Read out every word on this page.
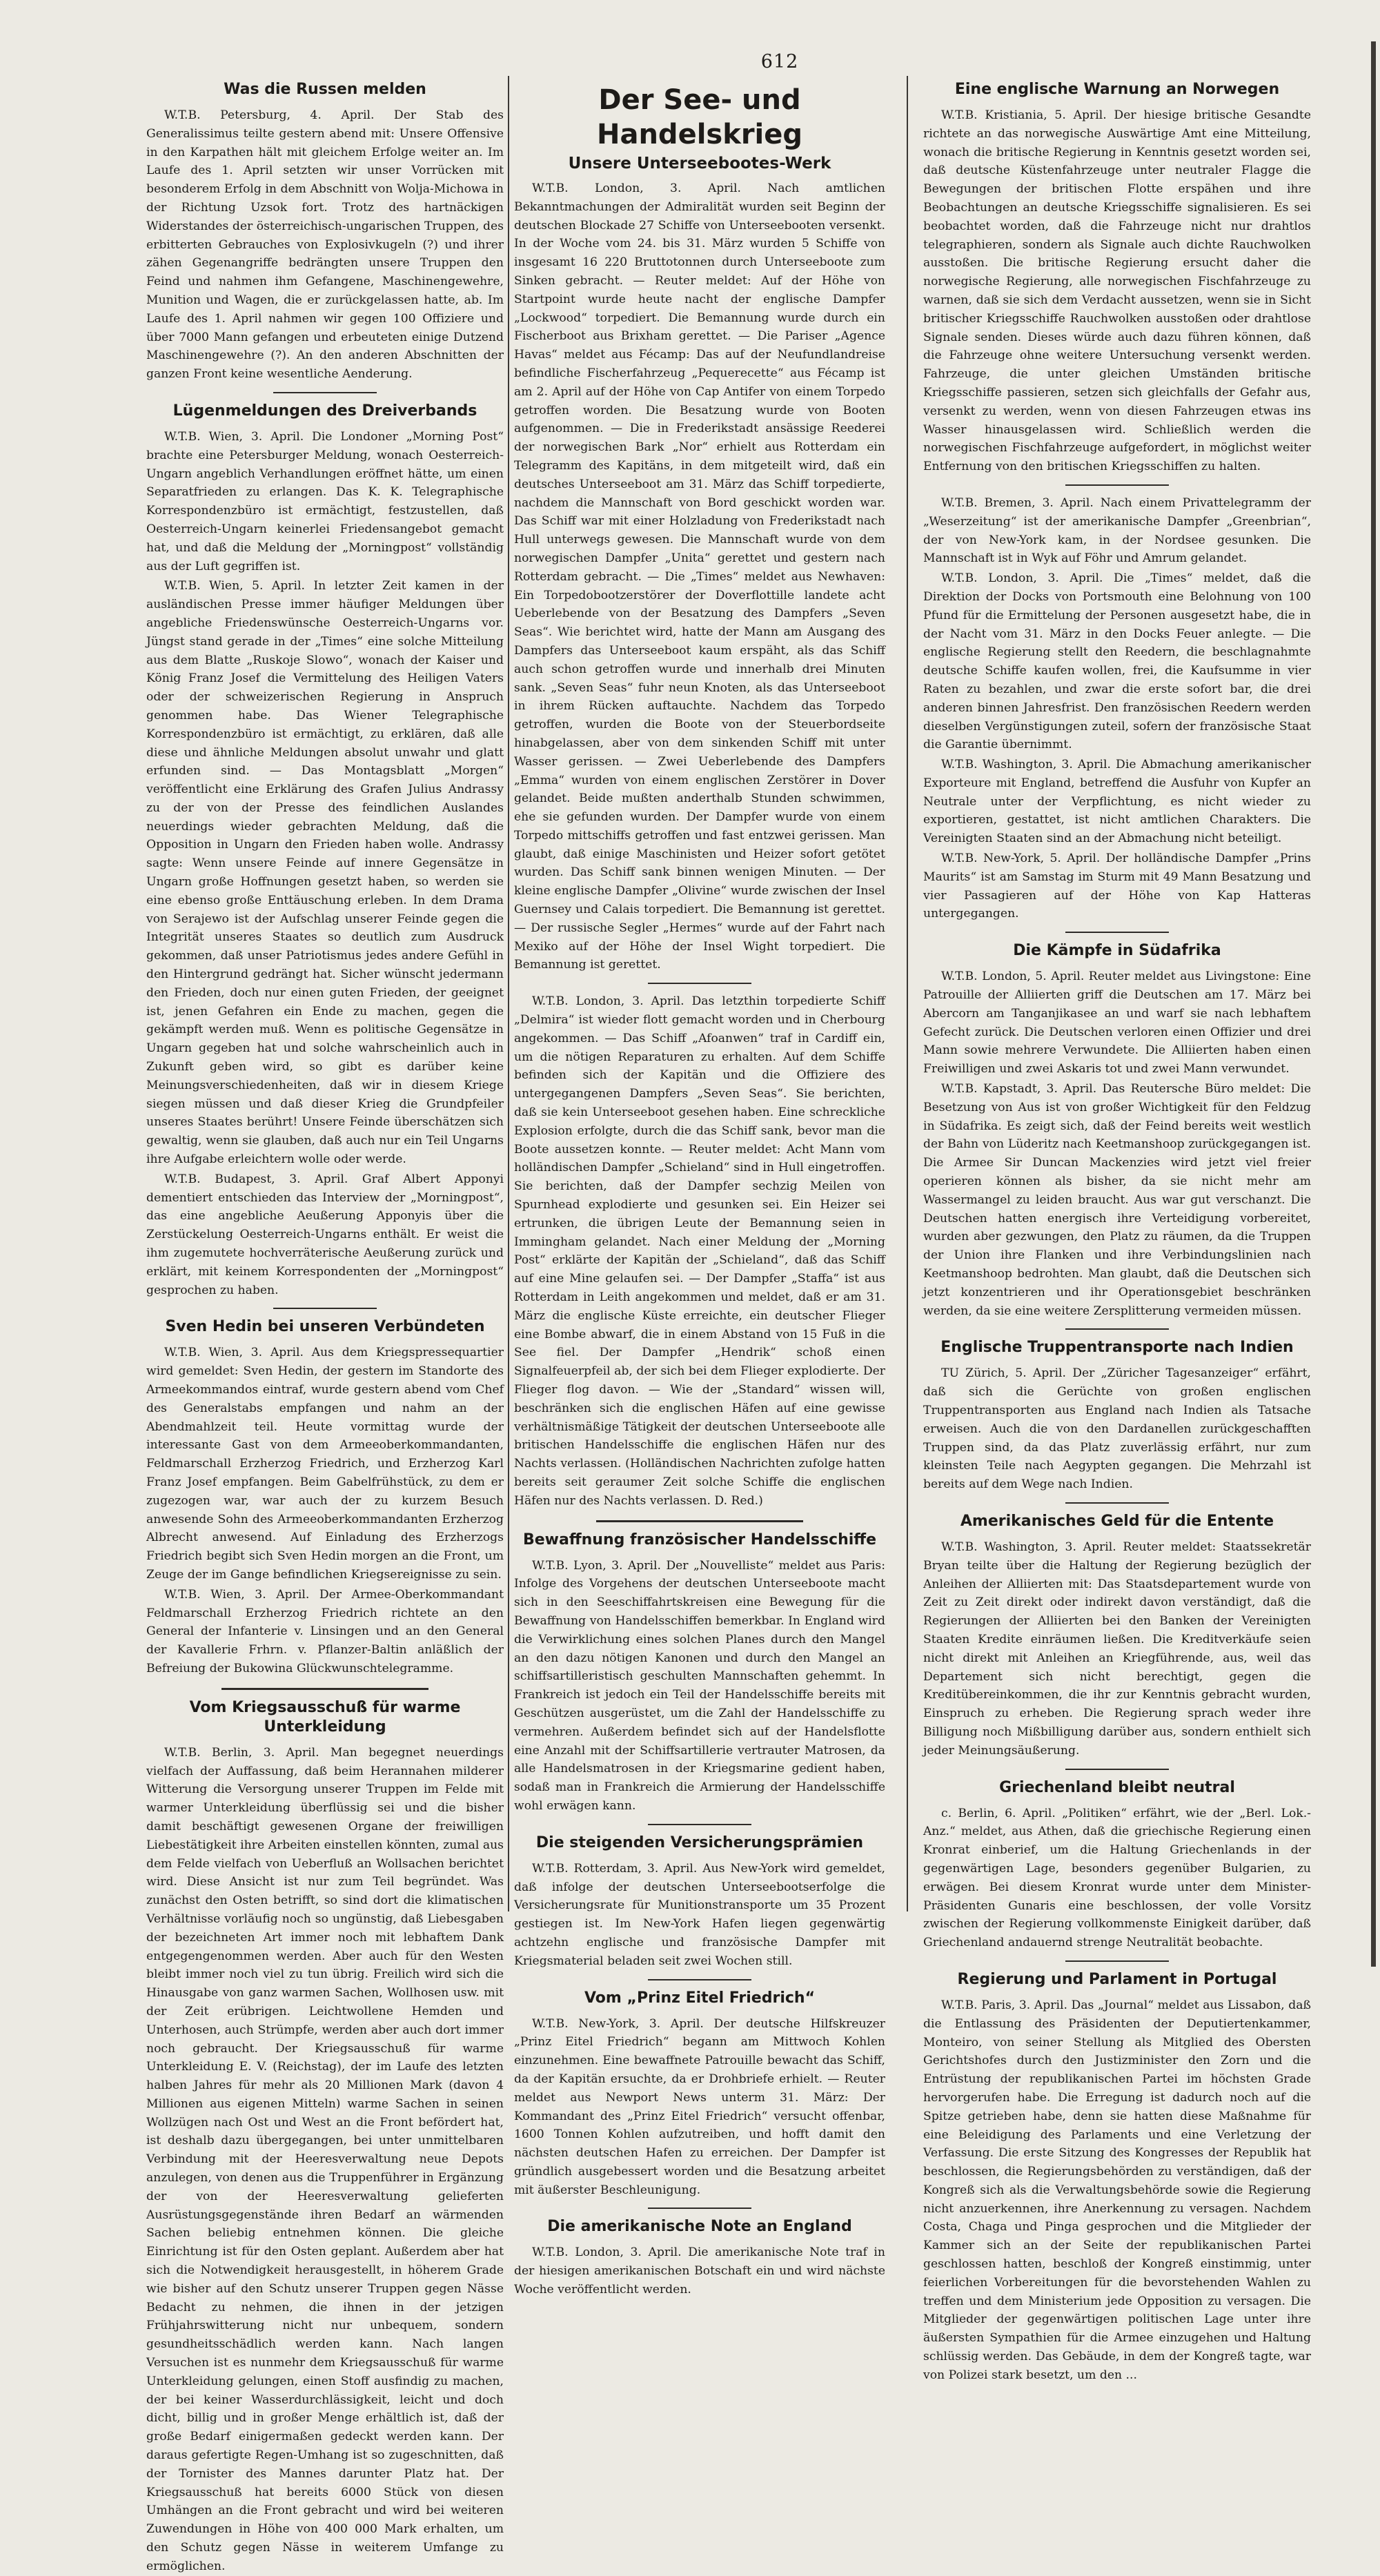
612
Was die Russen melden

W.T.B. Petersburg, 4. April. Der Stab des Generalissimus teilte gestern abend mit: Unsere Offensive in den Karpathen hält mit gleichem Erfolge weiter an. Im Laufe des 1. April setzten wir unser Vorrücken mit besonderem Erfolg in dem Abschnitt von Wolja-Michowa in der Richtung Uzsok fort. Trotz des hartnäckigen Widerstandes der österreichisch-ungarischen Truppen, des erbitterten Gebrauches von Explosivkugeln (?) und ihrer zähen Gegenangriffe bedrängten unsere Truppen den Feind und nahmen ihm Gefangene, Maschinengewehre, Munition und Wagen, die er zurückgelassen hatte, ab. Im Laufe des 1. April nahmen wir gegen 100 Offiziere und über 7000 Mann gefangen und erbeuteten einige Dutzend Maschinengewehre (?). An den anderen Abschnitten der ganzen Front keine wesentliche Aenderung.

Lügenmeldungen des Dreiverbands

W.T.B. Wien, 3. April. Die Londoner „Morning Post“ brachte eine Petersburger Meldung, wonach Oesterreich-Ungarn angeblich Verhandlungen eröffnet hätte, um einen Separatfrieden zu erlangen. Das K. K. Telegraphische Korrespondenzbüro ist ermächtigt, festzustellen, daß Oesterreich-Ungarn keinerlei Friedensangebot gemacht hat, und daß die Meldung der „Morningpost“ vollständig aus der Luft gegriffen ist.

W.T.B. Wien, 5. April. In letzter Zeit kamen in der ausländischen Presse immer häufiger Meldungen über angebliche Friedenswünsche Oesterreich-Ungarns vor. Jüngst stand gerade in der „Times“ eine solche Mitteilung aus dem Blatte „Ruskoje Slowo“, wonach der Kaiser und König Franz Josef die Vermittelung des Heiligen Vaters oder der schweizerischen Regierung in Anspruch genommen habe. Das Wiener Telegraphische Korrespondenzbüro ist ermächtigt, zu erklären, daß alle diese und ähnliche Meldungen absolut unwahr und glatt erfunden sind. — Das Montagsblatt „Morgen“ veröffentlicht eine Erklärung des Grafen Julius Andrassy zu der von der Presse des feindlichen Auslandes neuerdings wieder gebrachten Meldung, daß die Opposition in Ungarn den Frieden haben wolle. Andrassy sagte: Wenn unsere Feinde auf innere Gegensätze in Ungarn große Hoffnungen gesetzt haben, so werden sie eine ebenso große Enttäuschung erleben. In dem Drama von Serajewo ist der Aufschlag unserer Feinde gegen die Integrität unseres Staates so deutlich zum Ausdruck gekommen, daß unser Patriotismus jedes andere Gefühl in den Hintergrund gedrängt hat. Sicher wünscht jedermann den Frieden, doch nur einen guten Frieden, der geeignet ist, jenen Gefahren ein Ende zu machen, gegen die gekämpft werden muß. Wenn es politische Gegensätze in Ungarn gegeben hat und solche wahrscheinlich auch in Zukunft geben wird, so gibt es darüber keine Meinungsverschiedenheiten, daß wir in diesem Kriege siegen müssen und daß dieser Krieg die Grundpfeiler unseres Staates berührt! Unsere Feinde überschätzen sich gewaltig, wenn sie glauben, daß auch nur ein Teil Ungarns ihre Aufgabe erleichtern wolle oder werde.

W.T.B. Budapest, 3. April. Graf Albert Apponyi dementiert entschieden das Interview der „Morningpost“, das eine angebliche Aeußerung Apponyis über die Zerstückelung Oesterreich-Ungarns enthält. Er weist die ihm zugemutete hochverräterische Aeußerung zurück und erklärt, mit keinem Korrespondenten der „Morningpost“ gesprochen zu haben.

Sven Hedin bei unseren Verbündeten

W.T.B. Wien, 3. April. Aus dem Kriegspressequartier wird gemeldet: Sven Hedin, der gestern im Standorte des Armeekommandos eintraf, wurde gestern abend vom Chef des Generalstabs empfangen und nahm an der Abendmahlzeit teil. Heute vormittag wurde der interessante Gast von dem Armeeoberkommandanten, Feldmarschall Erzherzog Friedrich, und Erzherzog Karl Franz Josef empfangen. Beim Gabelfrühstück, zu dem er zugezogen war, war auch der zu kurzem Besuch anwesende Sohn des Armeeoberkommandanten Erzherzog Albrecht anwesend. Auf Einladung des Erzherzogs Friedrich begibt sich Sven Hedin morgen an die Front, um Zeuge der im Gange befindlichen Kriegsereignisse zu sein.

W.T.B. Wien, 3. April. Der Armee-Oberkommandant Feldmarschall Erzherzog Friedrich richtete an den General der Infanterie v. Linsingen und an den General der Kavallerie Frhrn. v. Pflanzer-Baltin anläßlich der Befreiung der Bukowina Glückwunschtelegramme.

Vom Kriegsausschuß für warme Unterkleidung

W.T.B. Berlin, 3. April. Man begegnet neuerdings vielfach der Auffassung, daß beim Herannahen milderer Witterung die Versorgung unserer Truppen im Felde mit warmer Unterkleidung überflüssig sei und die bisher damit beschäftigt gewesenen Organe der freiwilligen Liebestätigkeit ihre Arbeiten einstellen könnten, zumal aus dem Felde vielfach von Ueberfluß an Wollsachen berichtet wird. Diese Ansicht ist nur zum Teil begründet. Was zunächst den Osten betrifft, so sind dort die klimatischen Verhältnisse vorläufig noch so ungünstig, daß Liebesgaben der bezeichneten Art immer noch mit lebhaftem Dank entgegengenommen werden. Aber auch für den Westen bleibt immer noch viel zu tun übrig. Freilich wird sich die Hinausgabe von ganz warmen Sachen, Wollhosen usw. mit der Zeit erübrigen. Leichtwollene Hemden und Unterhosen, auch Strümpfe, werden aber auch dort immer noch gebraucht. Der Kriegsausschuß für warme Unterkleidung E. V. (Reichstag), der im Laufe des letzten halben Jahres für mehr als 20 Millionen Mark (davon 4 Millionen aus eigenen Mitteln) warme Sachen in seinen Wollzügen nach Ost und West an die Front befördert hat, ist deshalb dazu übergegangen, bei unter unmittelbaren Verbindung mit der Heeresverwaltung neue Depots anzulegen, von denen aus die Truppenführer in Ergänzung der von der Heeresverwaltung gelieferten Ausrüstungsgegenstände ihren Bedarf an wärmenden Sachen beliebig entnehmen können. Die gleiche Einrichtung ist für den Osten geplant. Außerdem aber hat sich die Notwendigkeit herausgestellt, in höherem Grade wie bisher auf den Schutz unserer Truppen gegen Nässe Bedacht zu nehmen, die ihnen in der jetzigen Frühjahrswitterung nicht nur unbequem, sondern gesundheitsschädlich werden kann. Nach langen Versuchen ist es nunmehr dem Kriegsausschuß für warme Unterkleidung gelungen, einen Stoff ausfindig zu machen, der bei keiner Wasserdurchlässigkeit, leicht und doch dicht, billig und in großer Menge erhältlich ist, daß der große Bedarf einigermaßen gedeckt werden kann. Der daraus gefertigte Regen-Umhang ist so zugeschnitten, daß der Tornister des Mannes darunter Platz hat. Der Kriegsausschuß hat bereits 6000 Stück von diesen Umhängen an die Front gebracht und wird bei weiteren Zuwendungen in Höhe von 400 000 Mark erhalten, um den Schutz gegen Nässe in weiterem Umfange zu ermöglichen.

Der See- und Handelskrieg
Unsere Unterseebootes-Werk

W.T.B. London, 3. April. Nach amtlichen Bekanntmachungen der Admiralität wurden seit Beginn der deutschen Blockade 27 Schiffe von Unterseebooten versenkt. In der Woche vom 24. bis 31. März wurden 5 Schiffe von insgesamt 16 220 Bruttotonnen durch Unterseeboote zum Sinken gebracht. — Reuter meldet: Auf der Höhe von Startpoint wurde heute nacht der englische Dampfer „Lockwood“ torpediert. Die Bemannung wurde durch ein Fischerboot aus Brixham gerettet. — Die Pariser „Agence Havas“ meldet aus Fécamp: Das auf der Neufundlandreise befindliche Fischerfahrzeug „Pequerecette“ aus Fécamp ist am 2. April auf der Höhe von Cap Antifer von einem Torpedo getroffen worden. Die Besatzung wurde von Booten aufgenommen. — Die in Frederikstadt ansässige Reederei der norwegischen Bark „Nor“ erhielt aus Rotterdam ein Telegramm des Kapitäns, in dem mitgeteilt wird, daß ein deutsches Unterseeboot am 31. März das Schiff torpedierte, nachdem die Mannschaft von Bord geschickt worden war. Das Schiff war mit einer Holzladung von Frederikstadt nach Hull unterwegs gewesen. Die Mannschaft wurde von dem norwegischen Dampfer „Unita“ gerettet und gestern nach Rotterdam gebracht. — Die „Times“ meldet aus Newhaven: Ein Torpedobootzerstörer der Doverflottille landete acht Ueberlebende von der Besatzung des Dampfers „Seven Seas“. Wie berichtet wird, hatte der Mann am Ausgang des Dampfers das Unterseeboot kaum erspäht, als das Schiff auch schon getroffen wurde und innerhalb drei Minuten sank. „Seven Seas“ fuhr neun Knoten, als das Unterseeboot in ihrem Rücken auftauchte. Nachdem das Torpedo getroffen, wurden die Boote von der Steuerbordseite hinabgelassen, aber von dem sinkenden Schiff mit unter Wasser gerissen. — Zwei Ueberlebende des Dampfers „Emma“ wurden von einem englischen Zerstörer in Dover gelandet. Beide mußten anderthalb Stunden schwimmen, ehe sie gefunden wurden. Der Dampfer wurde von einem Torpedo mittschiffs getroffen und fast entzwei gerissen. Man glaubt, daß einige Maschinisten und Heizer sofort getötet wurden. Das Schiff sank binnen wenigen Minuten. — Der kleine englische Dampfer „Olivine“ wurde zwischen der Insel Guernsey und Calais torpediert. Die Bemannung ist gerettet. — Der russische Segler „Hermes“ wurde auf der Fahrt nach Mexiko auf der Höhe der Insel Wight torpediert. Die Bemannung ist gerettet.

W.T.B. London, 3. April. Das letzthin torpedierte Schiff „Delmira“ ist wieder flott gemacht worden und in Cherbourg angekommen. — Das Schiff „Afoanwen“ traf in Cardiff ein, um die nötigen Reparaturen zu erhalten. Auf dem Schiffe befinden sich der Kapitän und die Offiziere des untergegangenen Dampfers „Seven Seas“. Sie berichten, daß sie kein Unterseeboot gesehen haben. Eine schreckliche Explosion erfolgte, durch die das Schiff sank, bevor man die Boote aussetzen konnte. — Reuter meldet: Acht Mann vom holländischen Dampfer „Schieland“ sind in Hull eingetroffen. Sie berichten, daß der Dampfer sechzig Meilen von Spurnhead explodierte und gesunken sei. Ein Heizer sei ertrunken, die übrigen Leute der Bemannung seien in Immingham gelandet. Nach einer Meldung der „Morning Post“ erklärte der Kapitän der „Schieland“, daß das Schiff auf eine Mine gelaufen sei. — Der Dampfer „Staffa“ ist aus Rotterdam in Leith angekommen und meldet, daß er am 31. März die englische Küste erreichte, ein deutscher Flieger eine Bombe abwarf, die in einem Abstand von 15 Fuß in die See fiel. Der Dampfer „Hendrik“ schoß einen Signalfeuerpfeil ab, der sich bei dem Flieger explodierte. Der Flieger flog davon. — Wie der „Standard“ wissen will, beschränken sich die englischen Häfen auf eine gewisse verhältnismäßige Tätigkeit der deutschen Unterseeboote alle britischen Handelsschiffe die englischen Häfen nur des Nachts verlassen. (Holländischen Nachrichten zufolge hatten bereits seit geraumer Zeit solche Schiffe die englischen Häfen nur des Nachts verlassen. D. Red.)

Bewaffnung französischer Handelsschiffe

W.T.B. Lyon, 3. April. Der „Nouvelliste“ meldet aus Paris: Infolge des Vorgehens der deutschen Unterseeboote macht sich in den Seeschiffahrtskreisen eine Bewegung für die Bewaffnung von Handelsschiffen bemerkbar. In England wird die Verwirklichung eines solchen Planes durch den Mangel an den dazu nötigen Kanonen und durch den Mangel an schiffsartilleristisch geschulten Mannschaften gehemmt. In Frankreich ist jedoch ein Teil der Handelsschiffe bereits mit Geschützen ausgerüstet, um die Zahl der Handelsschiffe zu vermehren. Außerdem befindet sich auf der Handelsflotte eine Anzahl mit der Schiffsartillerie vertrauter Matrosen, da alle Handelsmatrosen in der Kriegsmarine gedient haben, sodaß man in Frankreich die Armierung der Handelsschiffe wohl erwägen kann.

Die steigenden Versicherungsprämien

W.T.B. Rotterdam, 3. April. Aus New-York wird gemeldet, daß infolge der deutschen Unterseebootserfolge die Versicherungsrate für Munitionstransporte um 35 Prozent gestiegen ist. Im New-York Hafen liegen gegenwärtig achtzehn englische und französische Dampfer mit Kriegsmaterial beladen seit zwei Wochen still.

Vom „Prinz Eitel Friedrich“

W.T.B. New-York, 3. April. Der deutsche Hilfskreuzer „Prinz Eitel Friedrich“ begann am Mittwoch Kohlen einzunehmen. Eine bewaffnete Patrouille bewacht das Schiff, da der Kapitän ersuchte, da er Drohbriefe erhielt. — Reuter meldet aus Newport News unterm 31. März: Der Kommandant des „Prinz Eitel Friedrich“ versucht offenbar, 1600 Tonnen Kohlen aufzutreiben, und hofft damit den nächsten deutschen Hafen zu erreichen. Der Dampfer ist gründlich ausgebessert worden und die Besatzung arbeitet mit äußerster Beschleunigung.

Die amerikanische Note an England

W.T.B. London, 3. April. Die amerikanische Note traf in der hiesigen amerikanischen Botschaft ein und wird nächste Woche veröffentlicht werden.

Eine englische Warnung an Norwegen

W.T.B. Kristiania, 5. April. Der hiesige britische Gesandte richtete an das norwegische Auswärtige Amt eine Mitteilung, wonach die britische Regierung in Kenntnis gesetzt worden sei, daß deutsche Küstenfahrzeuge unter neutraler Flagge die Bewegungen der britischen Flotte erspähen und ihre Beobachtungen an deutsche Kriegsschiffe signalisieren. Es sei beobachtet worden, daß die Fahrzeuge nicht nur drahtlos telegraphieren, sondern als Signale auch dichte Rauchwolken ausstoßen. Die britische Regierung ersucht daher die norwegische Regierung, alle norwegischen Fischfahrzeuge zu warnen, daß sie sich dem Verdacht aussetzen, wenn sie in Sicht britischer Kriegsschiffe Rauchwolken ausstoßen oder drahtlose Signale senden. Dieses würde auch dazu führen können, daß die Fahrzeuge ohne weitere Untersuchung versenkt werden. Fahrzeuge, die unter gleichen Umständen britische Kriegsschiffe passieren, setzen sich gleichfalls der Gefahr aus, versenkt zu werden, wenn von diesen Fahrzeugen etwas ins Wasser hinausgelassen wird. Schließlich werden die norwegischen Fischfahrzeuge aufgefordert, in möglichst weiter Entfernung von den britischen Kriegsschiffen zu halten.

W.T.B. Bremen, 3. April. Nach einem Privattelegramm der „Weserzeitung“ ist der amerikanische Dampfer „Greenbrian“, der von New-York kam, in der Nordsee gesunken. Die Mannschaft ist in Wyk auf Föhr und Amrum gelandet.

W.T.B. London, 3. April. Die „Times“ meldet, daß die Direktion der Docks von Portsmouth eine Belohnung von 100 Pfund für die Ermittelung der Personen ausgesetzt habe, die in der Nacht vom 31. März in den Docks Feuer anlegte. — Die englische Regierung stellt den Reedern, die beschlagnahmte deutsche Schiffe kaufen wollen, frei, die Kaufsumme in vier Raten zu bezahlen, und zwar die erste sofort bar, die drei anderen binnen Jahresfrist. Den französischen Reedern werden dieselben Vergünstigungen zuteil, sofern der französische Staat die Garantie übernimmt.

W.T.B. Washington, 3. April. Die Abmachung amerikanischer Exporteure mit England, betreffend die Ausfuhr von Kupfer an Neutrale unter der Verpflichtung, es nicht wieder zu exportieren, gestattet, ist nicht amtlichen Charakters. Die Vereinigten Staaten sind an der Abmachung nicht beteiligt.

W.T.B. New-York, 5. April. Der holländische Dampfer „Prins Maurits“ ist am Samstag im Sturm mit 49 Mann Besatzung und vier Passagieren auf der Höhe von Kap Hatteras untergegangen.

Die Kämpfe in Südafrika

W.T.B. London, 5. April. Reuter meldet aus Livingstone: Eine Patrouille der Alliierten griff die Deutschen am 17. März bei Abercorn am Tanganjikasee an und warf sie nach lebhaftem Gefecht zurück. Die Deutschen verloren einen Offizier und drei Mann sowie mehrere Verwundete. Die Alliierten haben einen Freiwilligen und zwei Askaris tot und zwei Mann verwundet.

W.T.B. Kapstadt, 3. April. Das Reutersche Büro meldet: Die Besetzung von Aus ist von großer Wichtigkeit für den Feldzug in Südafrika. Es zeigt sich, daß der Feind bereits weit westlich der Bahn von Lüderitz nach Keetmanshoop zurückgegangen ist. Die Armee Sir Duncan Mackenzies wird jetzt viel freier operieren können als bisher, da sie nicht mehr am Wassermangel zu leiden braucht. Aus war gut verschanzt. Die Deutschen hatten energisch ihre Verteidigung vorbereitet, wurden aber gezwungen, den Platz zu räumen, da die Truppen der Union ihre Flanken und ihre Verbindungslinien nach Keetmanshoop bedrohten. Man glaubt, daß die Deutschen sich jetzt konzentrieren und ihr Operationsgebiet beschränken werden, da sie eine weitere Zersplitterung vermeiden müssen.

Englische Truppentransporte nach Indien

TU Zürich, 5. April. Der „Züricher Tagesanzeiger“ erfährt, daß sich die Gerüchte von großen englischen Truppentransporten aus England nach Indien als Tatsache erweisen. Auch die von den Dardanellen zurückgeschafften Truppen sind, da das Platz zuverlässig erfährt, nur zum kleinsten Teile nach Aegypten gegangen. Die Mehrzahl ist bereits auf dem Wege nach Indien.

Amerikanisches Geld für die Entente

W.T.B. Washington, 3. April. Reuter meldet: Staatssekretär Bryan teilte über die Haltung der Regierung bezüglich der Anleihen der Alliierten mit: Das Staatsdepartement wurde von Zeit zu Zeit direkt oder indirekt davon verständigt, daß die Regierungen der Alliierten bei den Banken der Vereinigten Staaten Kredite einräumen ließen. Die Kreditverkäufe seien nicht direkt mit Anleihen an Kriegführende, aus, weil das Departement sich nicht berechtigt, gegen die Kreditübereinkommen, die ihr zur Kenntnis gebracht wurden, Einspruch zu erheben. Die Regierung sprach weder ihre Billigung noch Mißbilligung darüber aus, sondern enthielt sich jeder Meinungsäußerung.

Griechenland bleibt neutral

c. Berlin, 6. April. „Politiken“ erfährt, wie der „Berl. Lok.-Anz.“ meldet, aus Athen, daß die griechische Regierung einen Kronrat einberief, um die Haltung Griechenlands in der gegenwärtigen Lage, besonders gegenüber Bulgarien, zu erwägen. Bei diesem Kronrat wurde unter dem Minister-Präsidenten Gunaris eine beschlossen, der volle Vorsitz zwischen der Regierung vollkommenste Einigkeit darüber, daß Griechenland andauernd strenge Neutralität beobachte.

Regierung und Parlament in Portugal

W.T.B. Paris, 3. April. Das „Journal“ meldet aus Lissabon, daß die Entlassung des Präsidenten der Deputiertenkammer, Monteiro, von seiner Stellung als Mitglied des Obersten Gerichtshofes durch den Justizminister den Zorn und die Entrüstung der republikanischen Partei im höchsten Grade hervorgerufen habe. Die Erregung ist dadurch noch auf die Spitze getrieben habe, denn sie hatten diese Maßnahme für eine Beleidigung des Parlaments und eine Verletzung der Verfassung. Die erste Sitzung des Kongresses der Republik hat beschlossen, die Regierungsbehörden zu verständigen, daß der Kongreß sich als die Verwaltungsbehörde sowie die Regierung nicht anzuerkennen, ihre Anerkennung zu versagen. Nachdem Costa, Chaga und Pinga gesprochen und die Mitglieder der Kammer sich an der Seite der republikanischen Partei geschlossen hatten, beschloß der Kongreß einstimmig, unter feierlichen Vorbereitungen für die bevorstehenden Wahlen zu treffen und dem Ministerium jede Opposition zu versagen. Die Mitglieder der gegenwärtigen politischen Lage unter ihre äußersten Sympathien für die Armee einzugehen und Haltung schlüssig werden. Das Gebäude, in dem der Kongreß tagte, war von Polizei stark besetzt, um den ...
